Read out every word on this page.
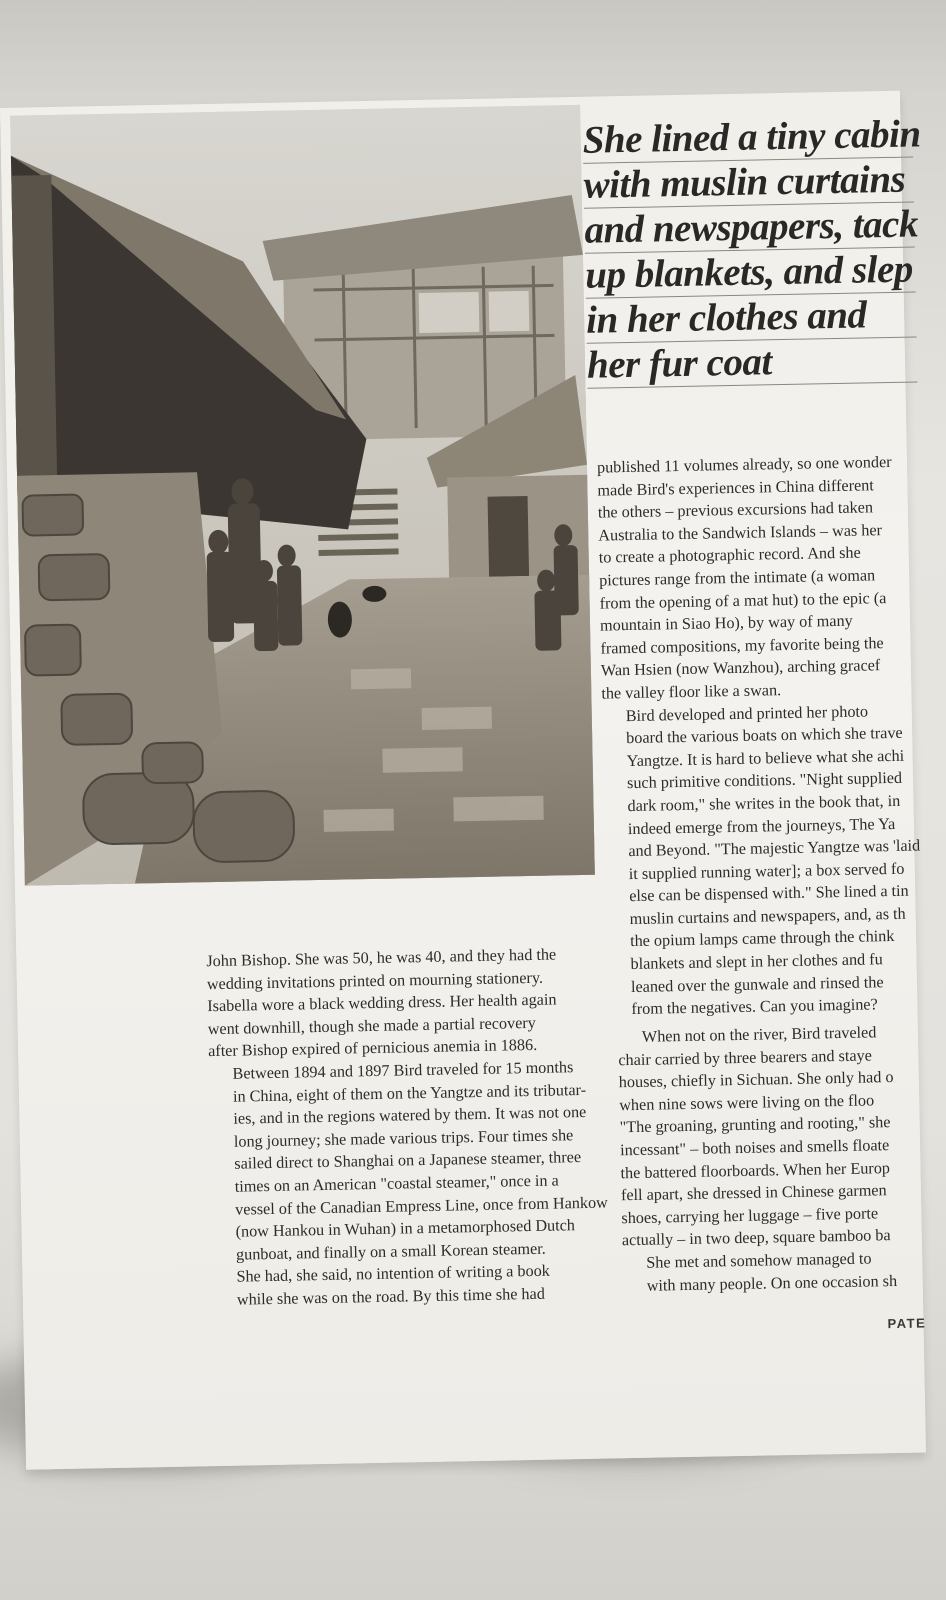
She lined a tiny cabin
with muslin curtains
and newspapers, tack
up blankets, and slep
in her clothes and
her fur coat

published 11 volumes already, so one wonder
made Bird's experiences in China different
the others – previous excursions had taken
Australia to the Sandwich Islands – was her
to create a photographic record. And she
pictures range from the intimate (a woman
from the opening of a mat hut) to the epic (a
mountain in Siao Ho), by way of many
framed compositions, my favorite being the
Wan Hsien (now Wanzhou), arching gracef
the valley floor like a swan.

Bird developed and printed her photo
board the various boats on which she trave
Yangtze. It is hard to believe what she achi
such primitive conditions. "Night supplied
dark room," she writes in the book that, in
indeed emerge from the journeys, The Ya
and Beyond. "The majestic Yangtze was 'laid
it supplied running water]; a box served fo
else can be dispensed with." She lined a tin
muslin curtains and newspapers, and, as th
the opium lamps came through the chink
blankets and slept in her clothes and fu
leaned over the gunwale and rinsed the
from the negatives. Can you imagine?

When not on the river, Bird traveled
chair carried by three bearers and staye
houses, chiefly in Sichuan. She only had o
when nine sows were living on the floo
"The groaning, grunting and rooting," she
incessant" – both noises and smells floate
the battered floorboards. When her Europ
fell apart, she dressed in Chinese garmen
shoes, carrying her luggage – five porte
actually – in two deep, square bamboo ba

She met and somehow managed to
with many people. On one occasion sh

John Bishop. She was 50, he was 40, and they had the
wedding invitations printed on mourning stationery.
Isabella wore a black wedding dress. Her health again
went downhill, though she made a partial recovery
after Bishop expired of pernicious anemia in 1886.

Between 1894 and 1897 Bird traveled for 15 months
in China, eight of them on the Yangtze and its tributar-
ies, and in the regions watered by them. It was not one
long journey; she made various trips. Four times she
sailed direct to Shanghai on a Japanese steamer, three
times on an American "coastal steamer," once in a
vessel of the Canadian Empress Line, once from Hankow
(now Hankou in Wuhan) in a metamorphosed Dutch
gunboat, and finally on a small Korean steamer.

She had, she said, no intention of writing a book
while she was on the road. By this time she had

PATE
